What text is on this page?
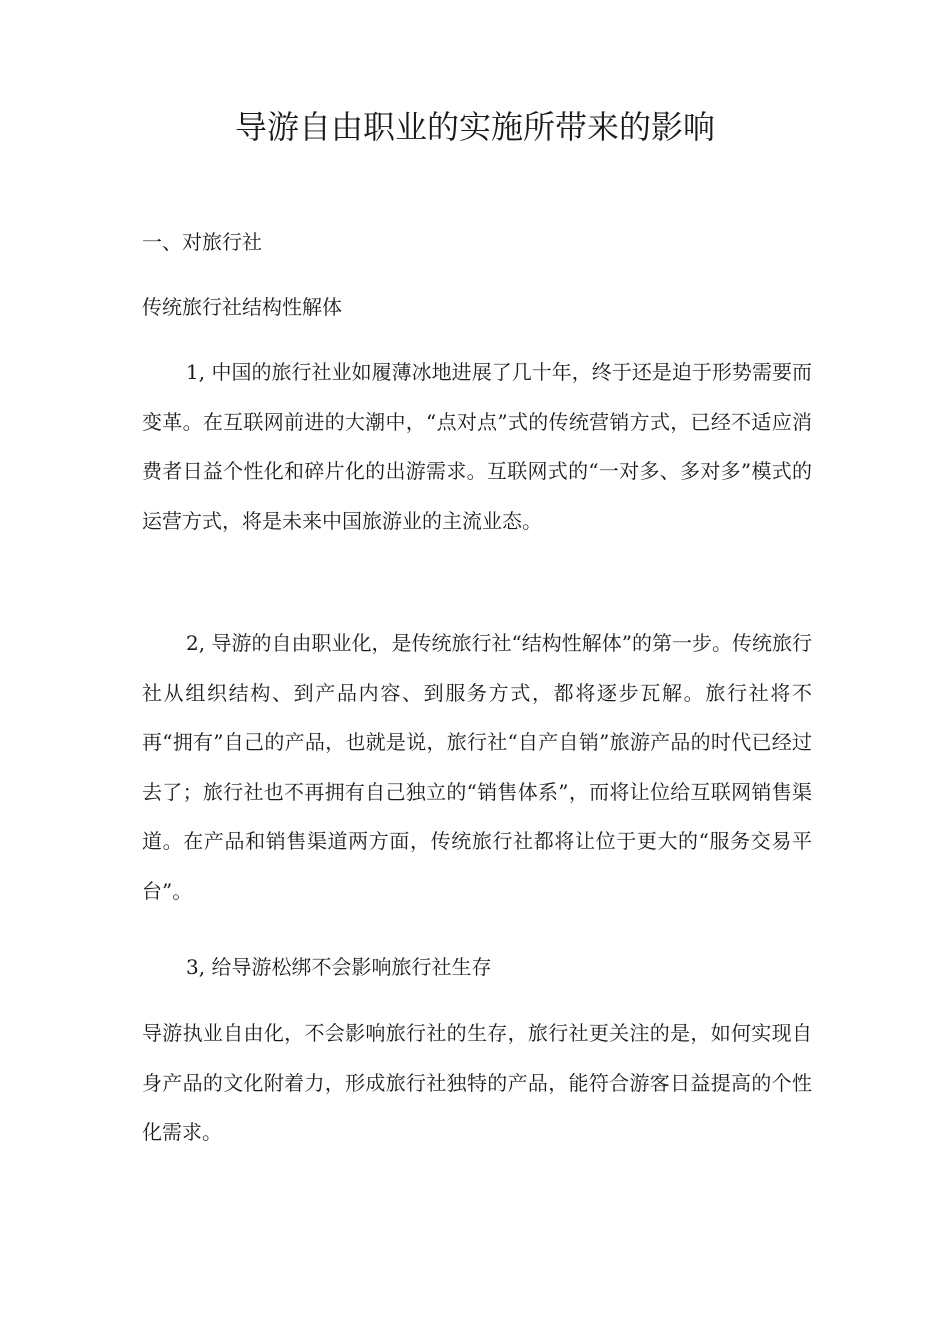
导游自由职业的实施所带来的影响

一、对旅行社

传统旅行社结构性解体

1, 中国的旅行社业如履薄冰地进展了几十年，终于还是迫于形势需要而变革。在互联网前进的大潮中，“点对点”式的传统营销方式，已经不适应消费者日益个性化和碎片化的出游需求。互联网式的“一对多、多对多”模式的运营方式，将是未来中国旅游业的主流业态。

2, 导游的自由职业化，是传统旅行社“结构性解体”的第一步。传统旅行社从组织结构、到产品内容、到服务方式，都将逐步瓦解。旅行社将不再“拥有”自己的产品，也就是说，旅行社“自产自销”旅游产品的时代已经过去了；旅行社也不再拥有自己独立的“销售体系”，而将让位给互联网销售渠道。在产品和销售渠道两方面，传统旅行社都将让位于更大的“服务交易平台”。

3, 给导游松绑不会影响旅行社生存

导游执业自由化，不会影响旅行社的生存，旅行社更关注的是，如何实现自身产品的文化附着力，形成旅行社独特的产品，能符合游客日益提高的个性化需求。
